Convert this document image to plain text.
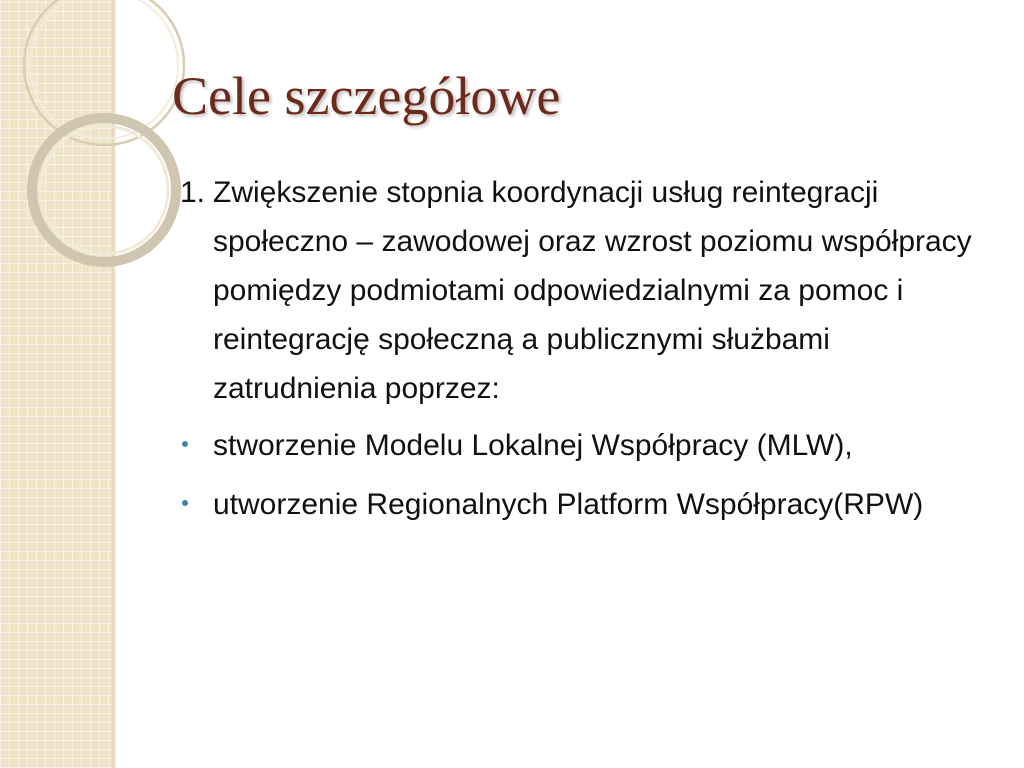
Cele szczegółowe
1. Zwiększenie stopnia koordynacji usług reintegracji społeczno – zawodowej oraz wzrost poziomu współpracy pomiędzy podmiotami odpowiedzialnymi za pomoc i reintegrację społeczną a publicznymi służbami zatrudnienia poprzez:
stworzenie Modelu Lokalnej Współpracy (MLW),
utworzenie Regionalnych Platform Współpracy(RPW)
